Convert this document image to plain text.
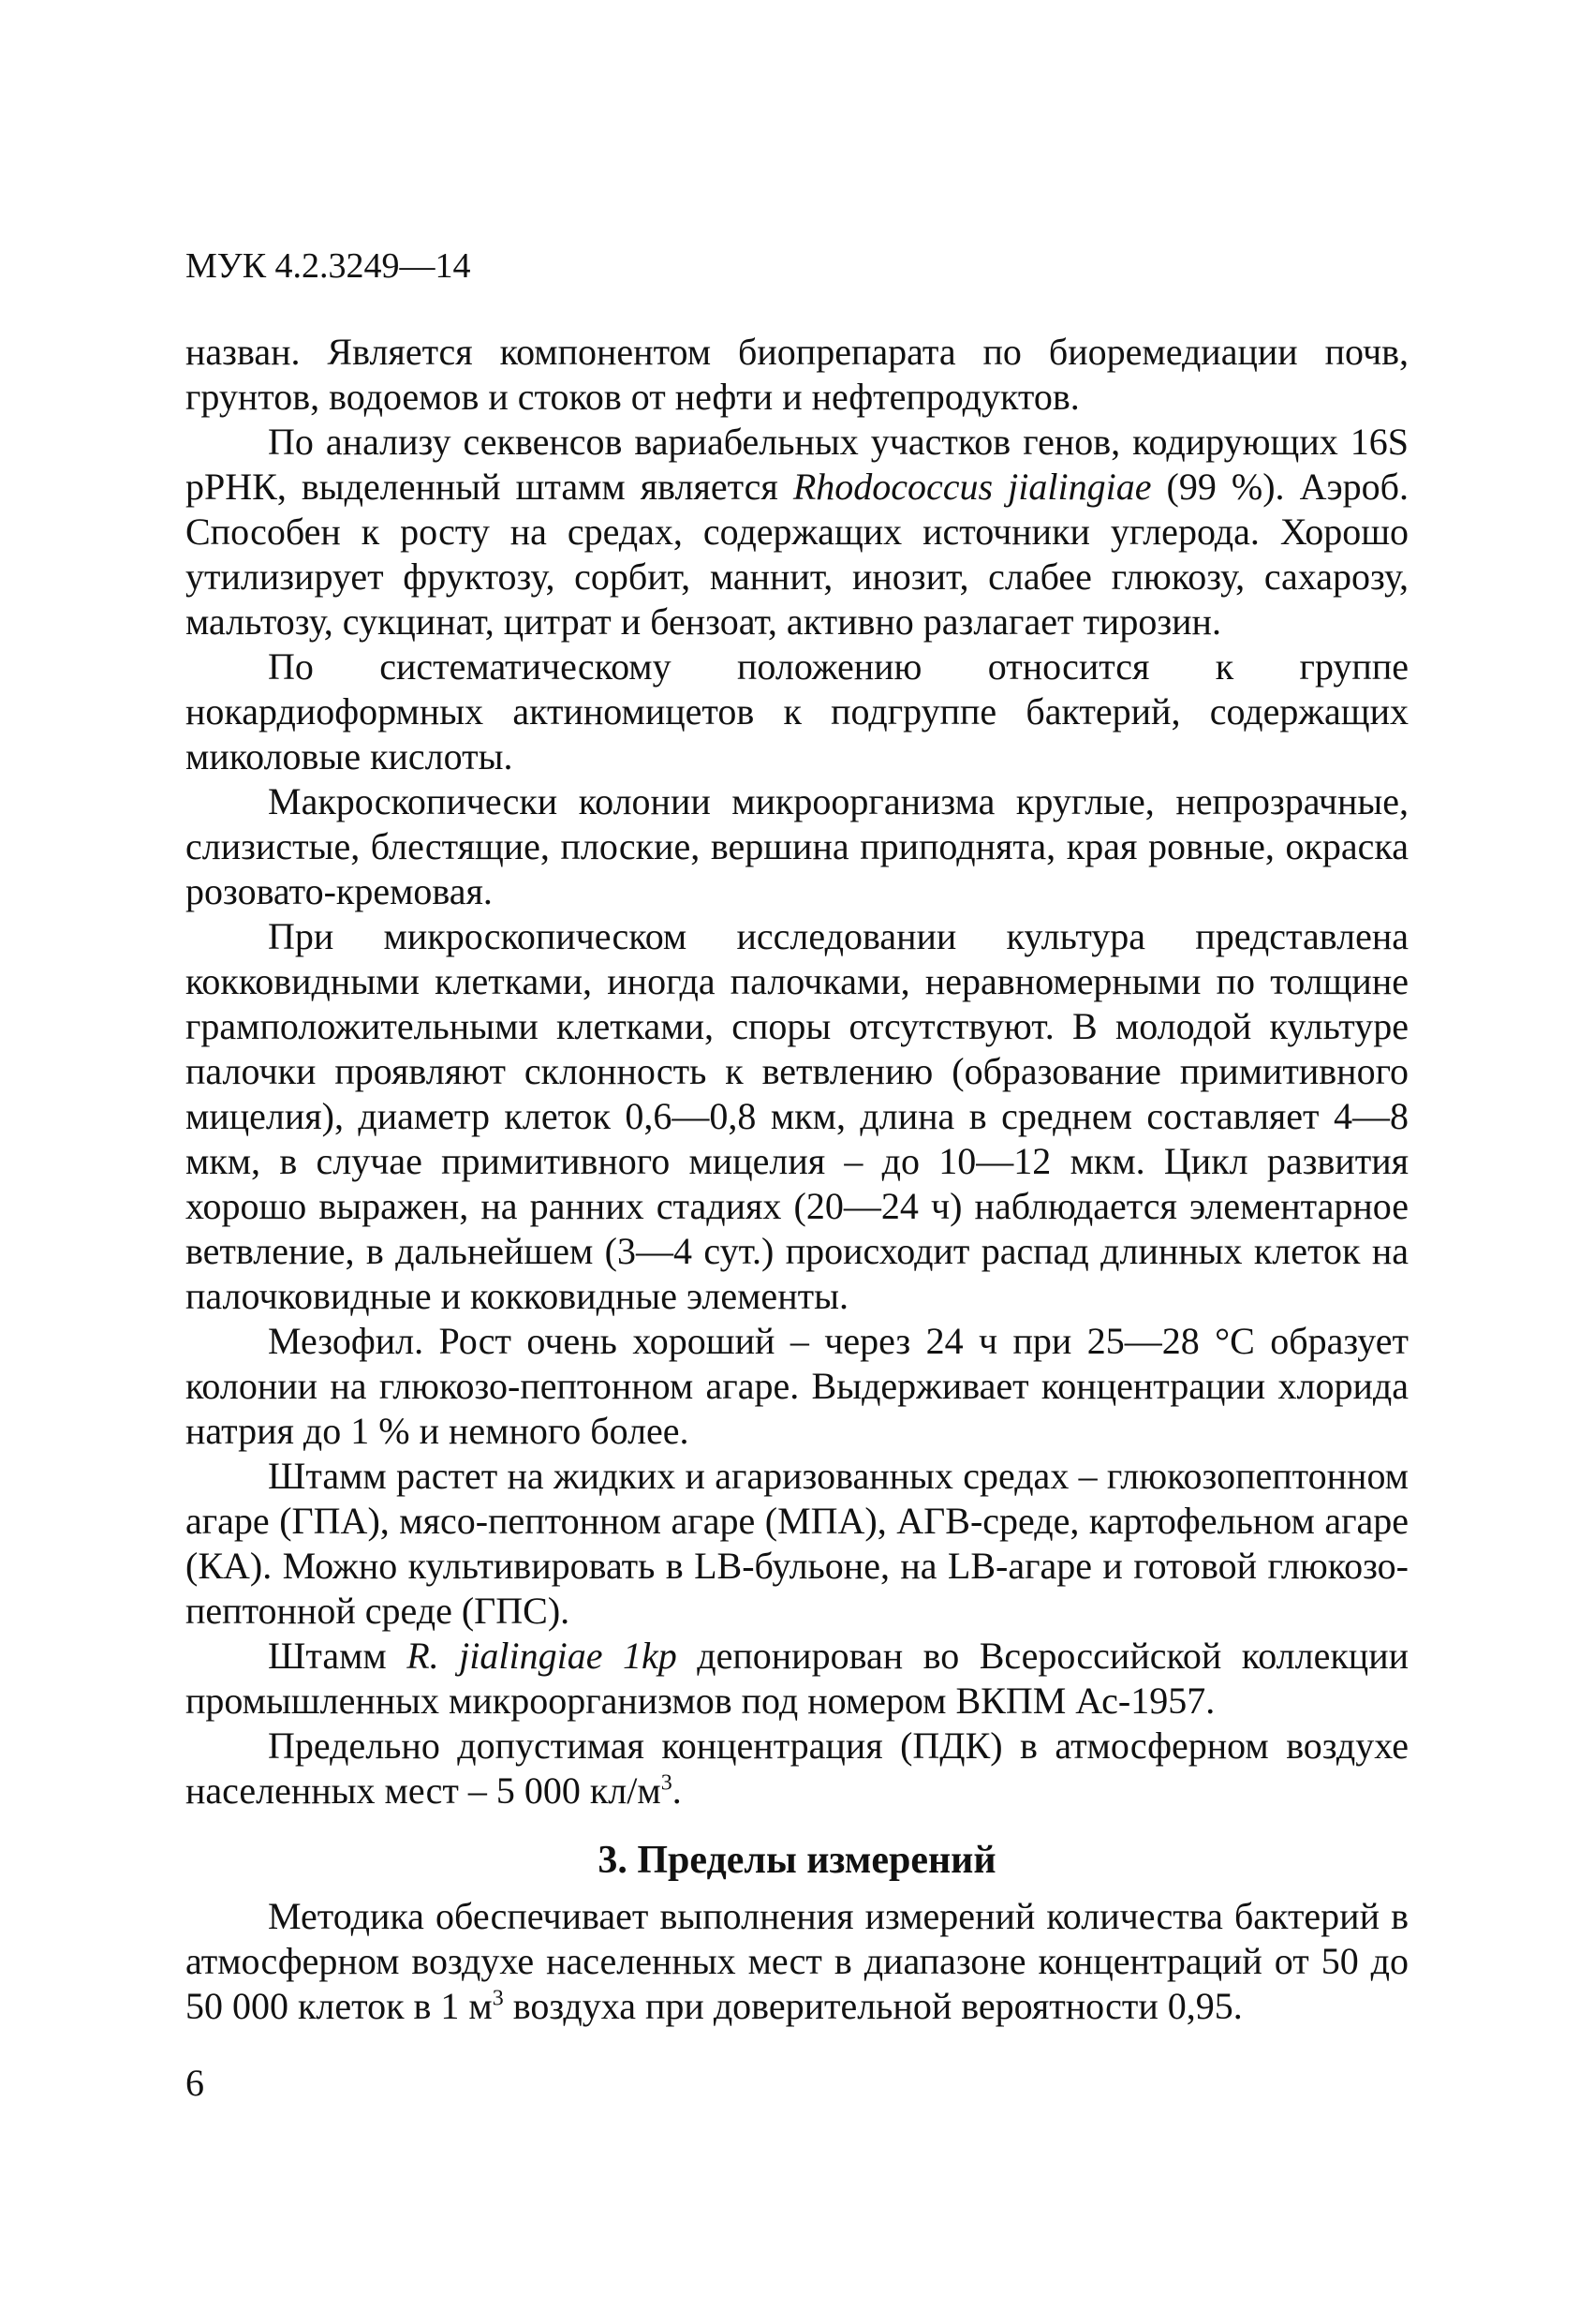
МУК 4.2.3249—14

назван. Является компонентом биопрепарата по биоремедиации почв, грунтов, водоемов и стоков от нефти и нефтепродуктов.

По анализу секвенсов вариабельных участков генов, кодирующих 16S рРНК, выделенный штамм является Rhodococcus jialingiae (99 %). Аэроб. Способен к росту на средах, содержащих источники углерода. Хорошо утилизирует фруктозу, сорбит, маннит, инозит, слабее глюкозу, сахарозу, мальтозу, сукцинат, цитрат и бензоат, активно разлагает тирозин.

По систематическому положению относится к группе нокардиоформных актиномицетов к подгруппе бактерий, содержащих миколовые кислоты.

Макроскопически колонии микроорганизма круглые, непрозрачные, слизистые, блестящие, плоские, вершина приподнята, края ровные, окраска розовато-кремовая.

При микроскопическом исследовании культура представлена кокковидными клетками, иногда палочками, неравномерными по толщине грамположительными клетками, споры отсутствуют. В молодой культуре палочки проявляют склонность к ветвлению (образование примитивного мицелия), диаметр клеток 0,6—0,8 мкм, длина в среднем составляет 4—8 мкм, в случае примитивного мицелия – до 10—12 мкм. Цикл развития хорошо выражен, на ранних стадиях (20—24 ч) наблюдается элементарное ветвление, в дальнейшем (3—4 сут.) происходит распад длинных клеток на палочковидные и кокковидные элементы.

Мезофил. Рост очень хороший – через 24 ч при 25—28 °С образует колонии на глюкозо-пептонном агаре. Выдерживает концентрации хлорида натрия до 1 % и немного более.

Штамм растет на жидких и агаризованных средах – глюкозопептонном агаре (ГПА), мясо-пептонном агаре (МПА), АГВ-среде, картофельном агаре (КА). Можно культивировать в LB-бульоне, на LB-агаре и готовой глюкозо-пептонной среде (ГПС).

Штамм R. jialingiae 1kp депонирован во Всероссийской коллекции промышленных микроорганизмов под номером ВКПМ Ас-1957.

Предельно допустимая концентрация (ПДК) в атмосферном воздухе населенных мест – 5 000 $кл/м^3$.

3. Пределы измерений

Методика обеспечивает выполнения измерений количества бактерий в атмосферном воздухе населенных мест в диапазоне концентраций от 50 до 50 000 клеток в 1 $м^3$ воздуха при доверительной вероятности 0,95.

6
